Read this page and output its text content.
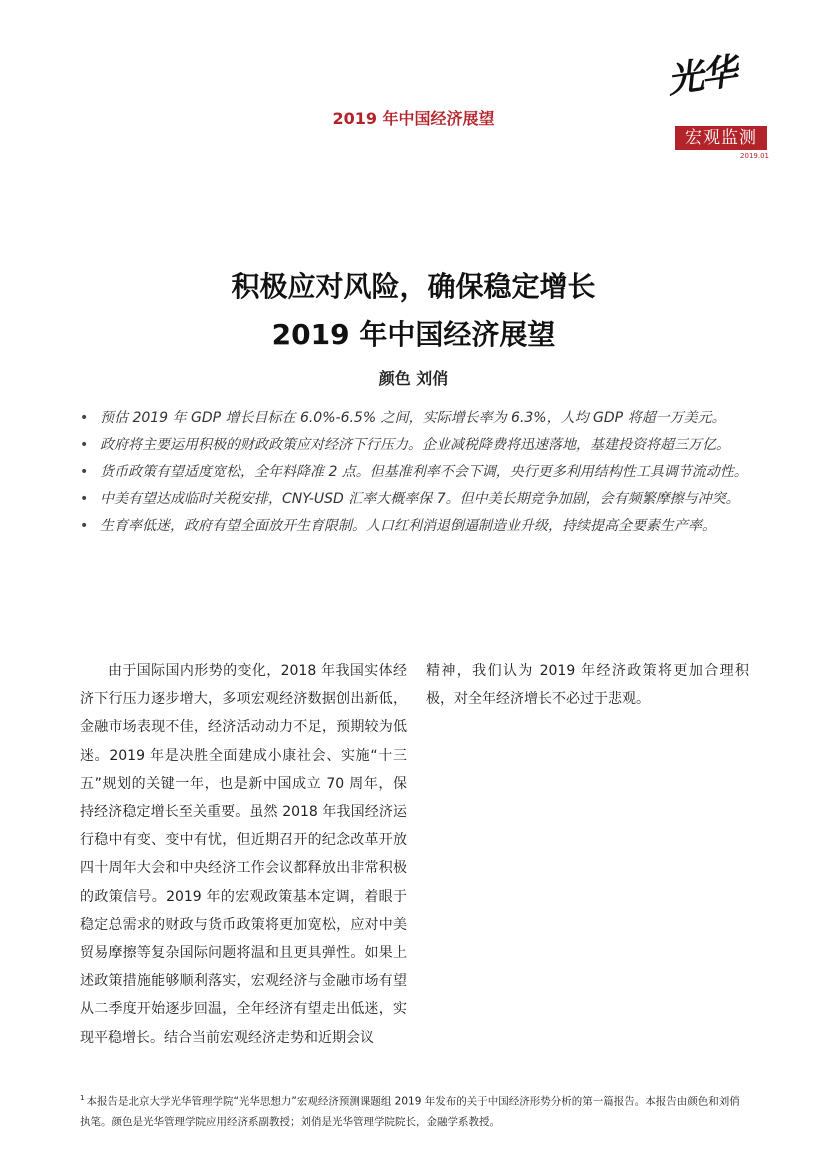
2019 年中国经济展望
光华
宏观监测
2019.01
积极应对风险，确保稳定增长
2019 年中国经济展望
颜色 刘俏
• 预估 2019 年 GDP 增长目标在 6.0%-6.5% 之间，实际增长率为 6.3%，人均 GDP 将超一万美元。
• 政府将主要运用积极的财政政策应对经济下行压力。企业减税降费将迅速落地，基建投资将超三万亿。
• 货币政策有望适度宽松，全年料降准 2 点。但基准利率不会下调，央行更多利用结构性工具调节流动性。
• 中美有望达成临时关税安排，CNY-USD 汇率大概率保 7。但中美长期竞争加剧，会有频繁摩擦与冲突。
• 生育率低迷，政府有望全面放开生育限制。人口红利消退倒逼制造业升级，持续提高全要素生产率。
由于国际国内形势的变化，2018 年我国实体经济下行压力逐步增大，多项宏观经济数据创出新低，金融市场表现不佳，经济活动动力不足，预期较为低迷。2019 年是决胜全面建成小康社会、实施“十三五”规划的关键一年，也是新中国成立 70 周年，保持经济稳定增长至关重要。虽然 2018 年我国经济运行稳中有变、变中有忧，但近期召开的纪念改革开放四十周年大会和中央经济工作会议都释放出非常积极的政策信号。2019 年的宏观政策基本定调，着眼于稳定总需求的财政与货币政策将更加宽松，应对中美贸易摩擦等复杂国际问题将温和且更具弹性。如果上述政策措施能够顺利落实，宏观经济与金融市场有望从二季度开始逐步回温，全年经济有望走出低迷，实现平稳增长。结合当前宏观经济走势和近期会议
精神，我们认为 2019 年经济政策将更加合理积极，对全年经济增长不必过于悲观。
$^1$ 本报告是北京大学光华管理学院“光华思想力”宏观经济预测课题组 2019 年发布的关于中国经济形势分析的第一篇报告。本报告由颜色和刘俏执笔。颜色是光华管理学院应用经济系副教授；刘俏是光华管理学院院长，金融学系教授。
